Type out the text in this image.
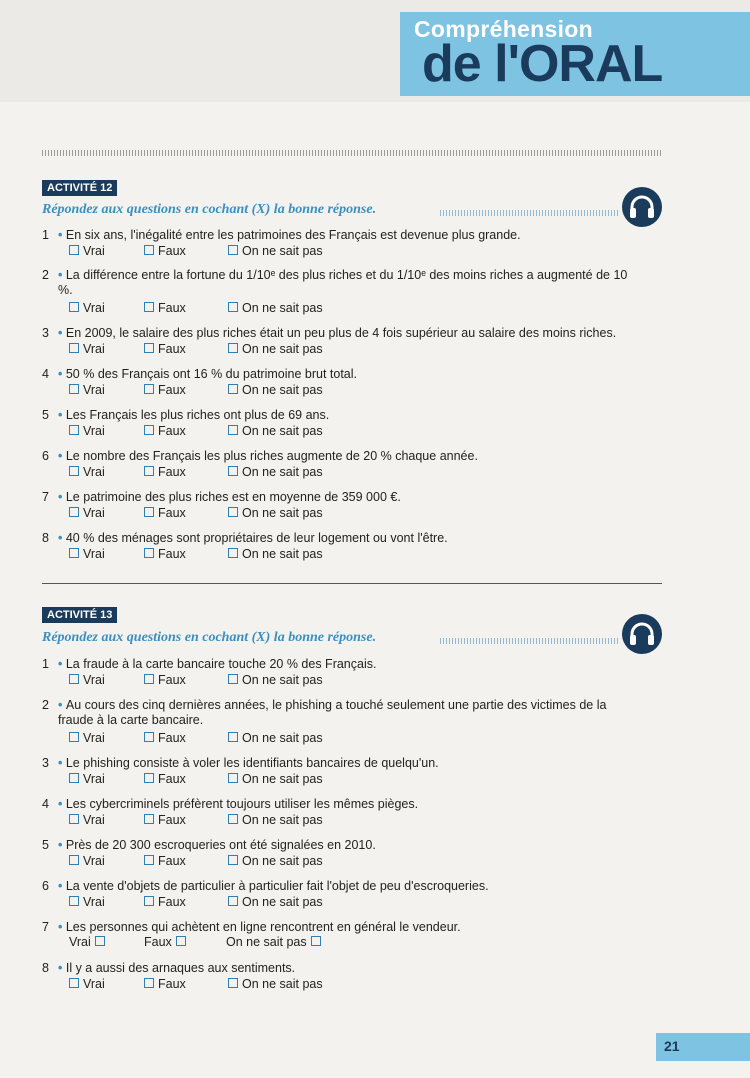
Compréhension
de l'ORAL
ACTIVITÉ 12
Répondez aux questions en cochant (X) la bonne réponse.
1 • En six ans, l'inégalité entre les patrimoines des Français est devenue plus grande.
Vrai	Faux	On ne sait pas
2 • La différence entre la fortune du 1/10ᵉ des plus riches et du 1/10ᵉ des moins riches a augmenté de 10 %.
Vrai	Faux	On ne sait pas
3 • En 2009, le salaire des plus riches était un peu plus de 4 fois supérieur au salaire des moins riches.
Vrai	Faux	On ne sait pas
4 • 50 % des Français ont 16 % du patrimoine brut total.
Vrai	Faux	On ne sait pas
5 • Les Français les plus riches ont plus de 69 ans.
Vrai	Faux	On ne sait pas
6 • Le nombre des Français les plus riches augmente de 20 % chaque année.
Vrai	Faux	On ne sait pas
7 • Le patrimoine des plus riches est en moyenne de 359 000 €.
Vrai	Faux	On ne sait pas
8 • 40 % des ménages sont propriétaires de leur logement ou vont l'être.
Vrai	Faux	On ne sait pas
ACTIVITÉ 13
Répondez aux questions en cochant (X) la bonne réponse.
1 • La fraude à la carte bancaire touche 20 % des Français.
Vrai	Faux	On ne sait pas
2 • Au cours des cinq dernières années, le phishing a touché seulement une partie des victimes de la fraude à la carte bancaire.
Vrai	Faux	On ne sait pas
3 • Le phishing consiste à voler les identifiants bancaires de quelqu'un.
Vrai	Faux	On ne sait pas
4 • Les cybercriminels préfèrent toujours utiliser les mêmes pièges.
Vrai	Faux	On ne sait pas
5 • Près de 20 300 escroqueries ont été signalées en 2010.
Vrai	Faux	On ne sait pas
6 • La vente d'objets de particulier à particulier fait l'objet de peu d'escroqueries.
Vrai	Faux	On ne sait pas
7 • Les personnes qui achètent en ligne rencontrent en général le vendeur.
Vrai	Faux	On ne sait pas
8 • Il y a aussi des arnaques aux sentiments.
Vrai	Faux	On ne sait pas
21
